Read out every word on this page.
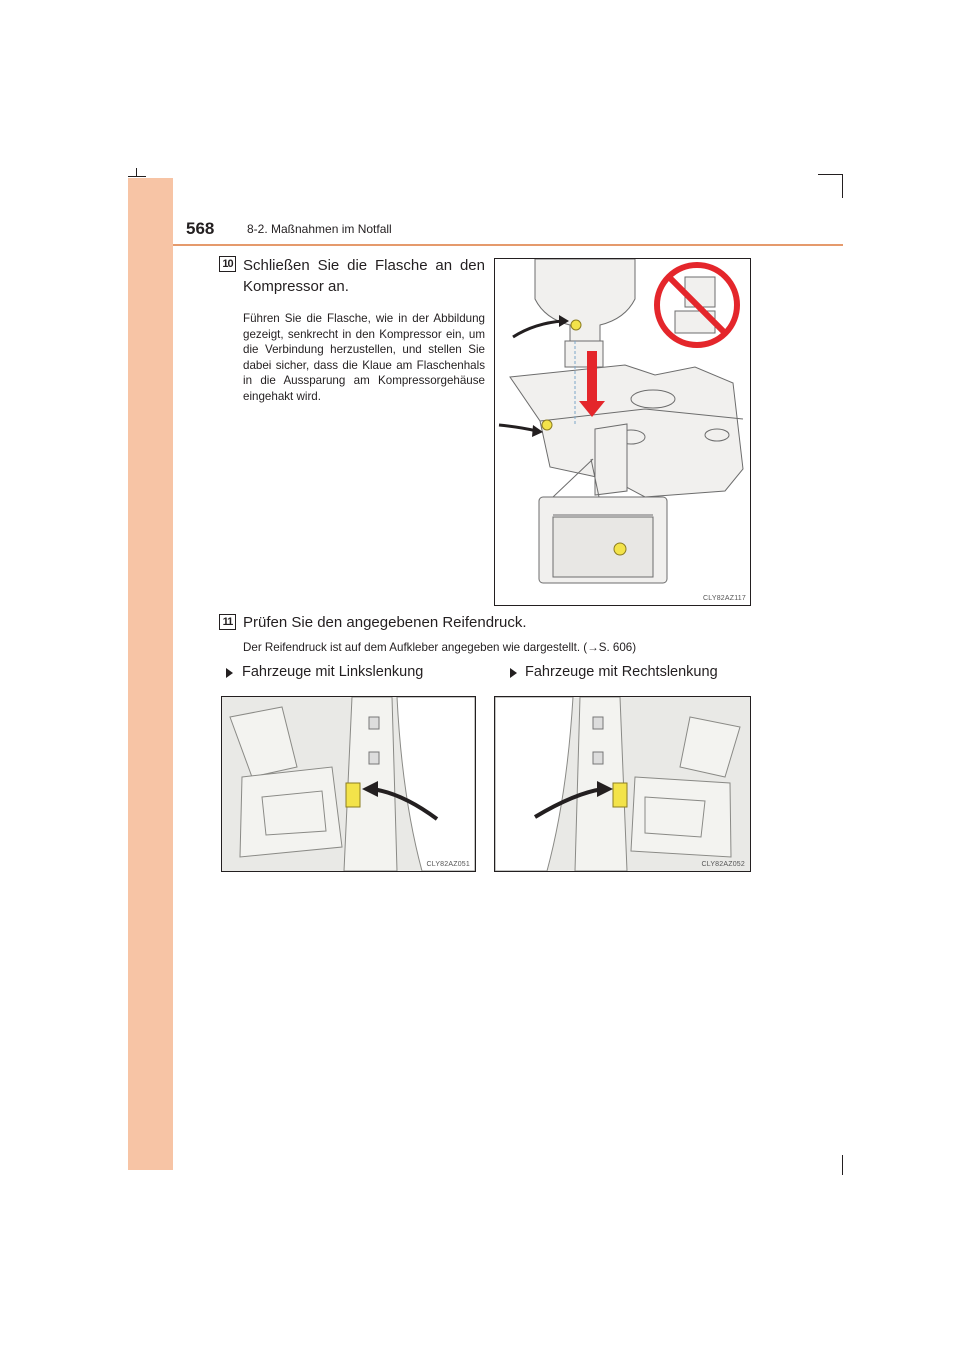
568	8-2. Maßnahmen im Notfall
10 Schließen Sie die Flasche an den Kompressor an.
Führen Sie die Flasche, wie in der Abbildung gezeigt, senkrecht in den Kompressor ein, um die Verbindung herzustellen, und stellen Sie dabei sicher, dass die Klaue am Flaschenhals in die Aussparung am Kompressorgehäuse eingehakt wird.
CLY82AZ117
11 Prüfen Sie den angegebenen Reifendruck.
Der Reifendruck ist auf dem Aufkleber angegeben wie dargestellt. (→S. 606)
Fahrzeuge mit Linkslenkung	Fahrzeuge mit Rechtslenkung
CLY82AZ051	CLY82AZ052
